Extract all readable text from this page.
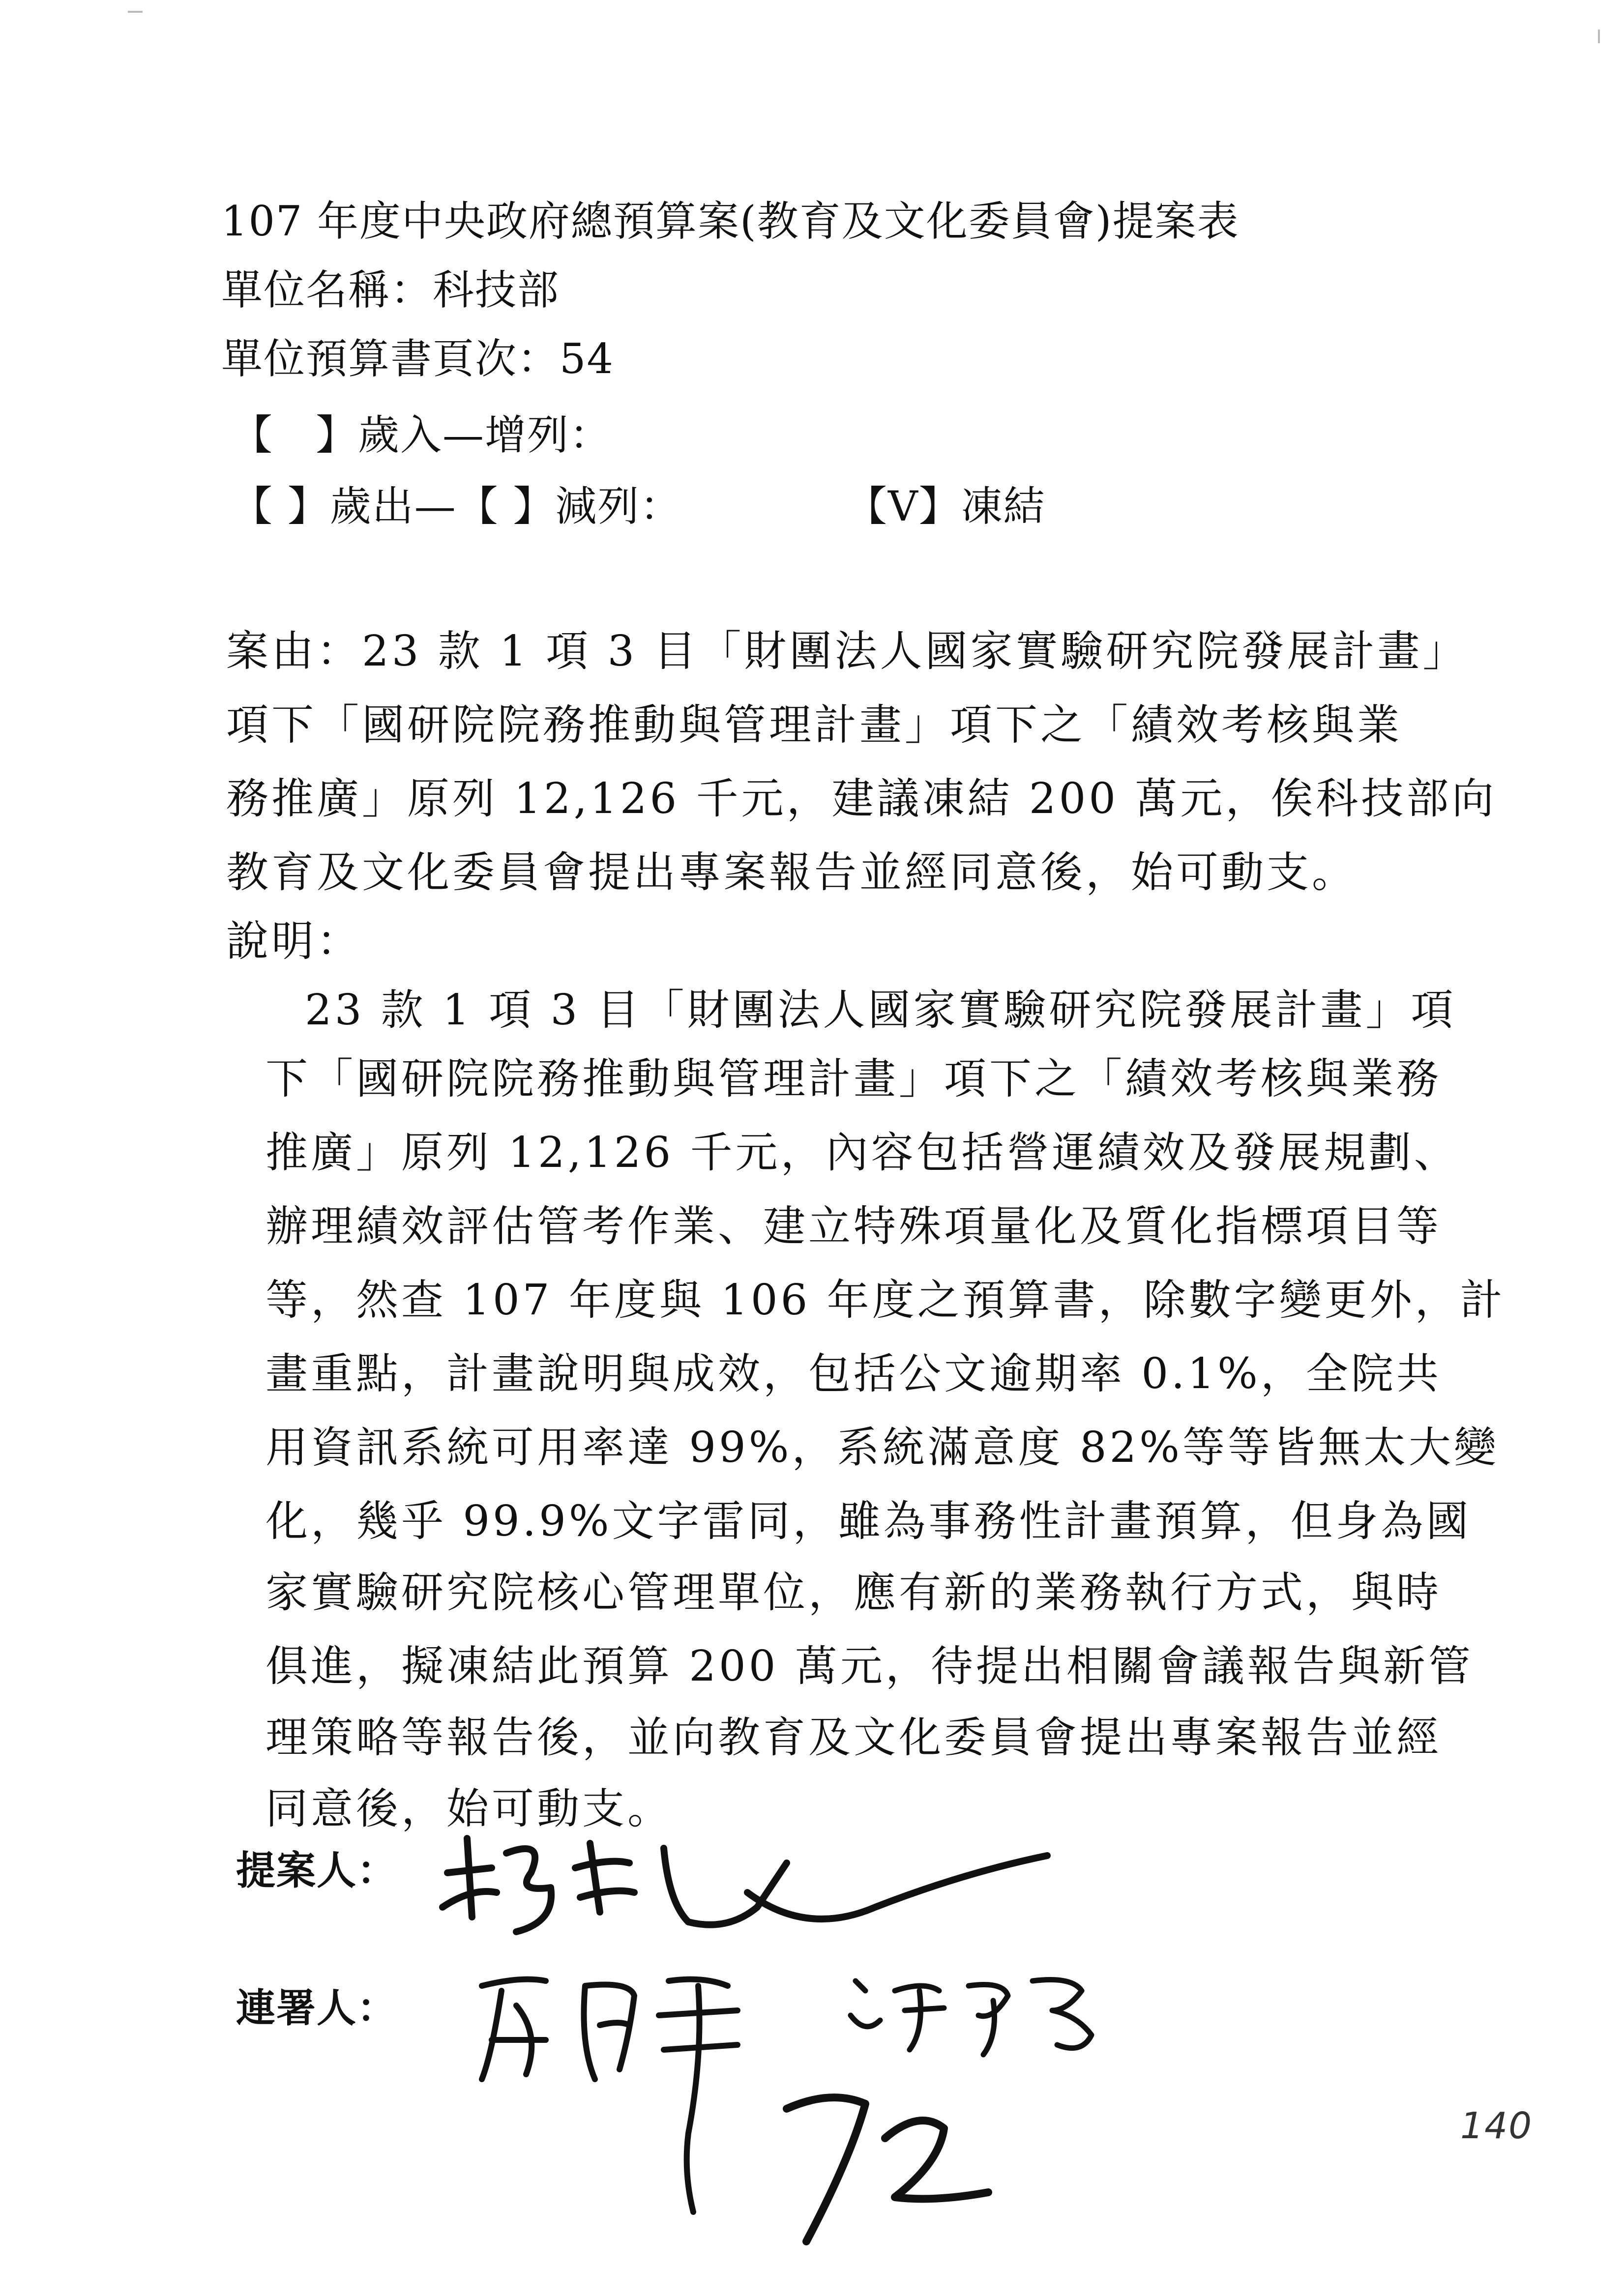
107 年度中央政府總預算案(教育及文化委員會)提案表
單位名稱：科技部
單位預算書頁次：54
【　】歲入—增列：
【 】歲出—【 】減列：	【V】凍結
案由：23 款 1 項 3 目「財團法人國家實驗研究院發展計畫」
項下「國研院院務推動與管理計畫」項下之「績效考核與業
務推廣」原列 12,126 千元，建議凍結 200 萬元，俟科技部向
教育及文化委員會提出專案報告並經同意後，始可動支。
說明：
23 款 1 項 3 目「財團法人國家實驗研究院發展計畫」項
下「國研院院務推動與管理計畫」項下之「績效考核與業務
推廣」原列 12,126 千元，內容包括營運績效及發展規劃、
辦理績效評估管考作業、建立特殊項量化及質化指標項目等
等，然查 107 年度與 106 年度之預算書，除數字變更外，計
畫重點，計畫說明與成效，包括公文逾期率 0.1%，全院共
用資訊系統可用率達 99%，系統滿意度 82%等等皆無太大變
化，幾乎 99.9%文字雷同，雖為事務性計畫預算，但身為國
家實驗研究院核心管理單位，應有新的業務執行方式，與時
俱進，擬凍結此預算 200 萬元，待提出相關會議報告與新管
理策略等報告後，並向教育及文化委員會提出專案報告並經
同意後，始可動支。
提案人：
連署人：
140
